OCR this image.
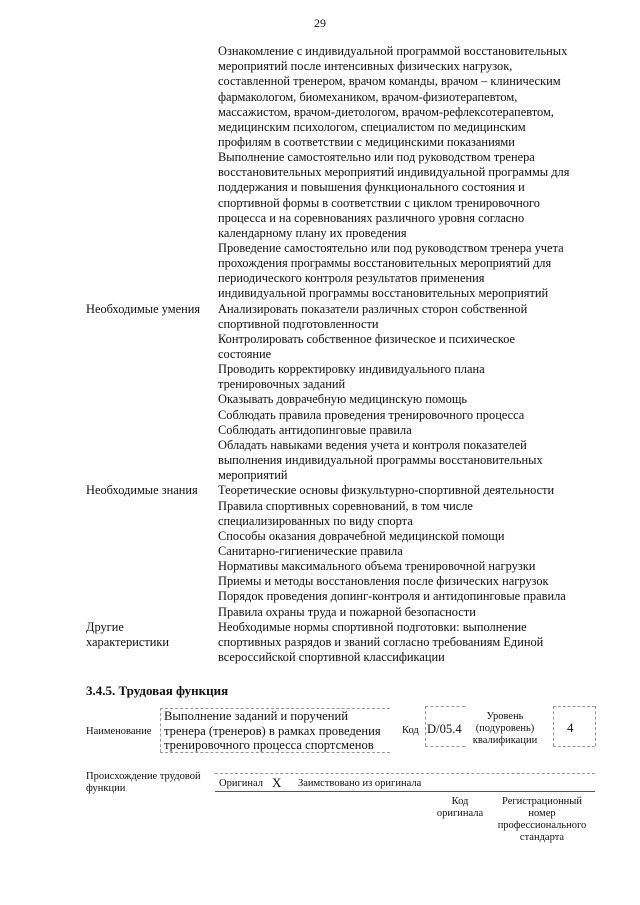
29
Ознакомление с индивидуальной программой восстановительных
мероприятий после интенсивных физических нагрузок,
составленной тренером, врачом команды, врачом – клиническим
фармакологом, биомехаником, врачом-физиотерапевтом,
массажистом, врачом-диетологом, врачом-рефлексотерапевтом,
медицинским психологом, специалистом по медицинским
профилям в соответствии с медицинскими показаниями
Выполнение самостоятельно или под руководством тренера
восстановительных мероприятий индивидуальной программы для
поддержания и повышения функционального состояния и
спортивной формы в соответствии с циклом тренировочного
процесса и на соревнованиях различного уровня согласно
календарному плану их проведения
Проведение самостоятельно или под руководством тренера учета
прохождения программы восстановительных мероприятий для
периодического контроля результатов применения
индивидуальной программы восстановительных мероприятий
Анализировать показатели различных сторон собственной
спортивной подготовленности
Контролировать собственное физическое и психическое
состояние
Проводить корректировку индивидуального плана
тренировочных заданий
Оказывать доврачебную медицинскую помощь
Соблюдать правила проведения тренировочного процесса
Соблюдать антидопинговые правила
Обладать навыками ведения учета и контроля показателей
выполнения индивидуальной программы восстановительных
мероприятий
Необходимые умения
Теоретические основы физкультурно-спортивной деятельности
Правила спортивных соревнований, в том числе
специализированных по виду спорта
Способы оказания доврачебной медицинской помощи
Санитарно-гигиенические правила
Нормативы максимального объема тренировочной нагрузки
Приемы и методы восстановления после физических нагрузок
Порядок проведения допинг-контроля и антидопинговые правила
Правила охраны труда и пожарной безопасности
Необходимые знания
Необходимые нормы спортивной подготовки: выполнение
спортивных разрядов и званий согласно требованиям Единой
всероссийской спортивной классификации
Другие
характеристики
3.4.5. Трудовая функция
Наименование
Выполнение заданий и поручений
тренера (тренеров) в рамках проведения
тренировочного процесса спортсменов
Код D/05.4
Уровень
(подуровень)
квалификации
4
Происхождение трудовой
функции	Оригинал X Заимствовано из оригинала
Код
оригинала
Регистрационный
номер
профессионального
стандарта
